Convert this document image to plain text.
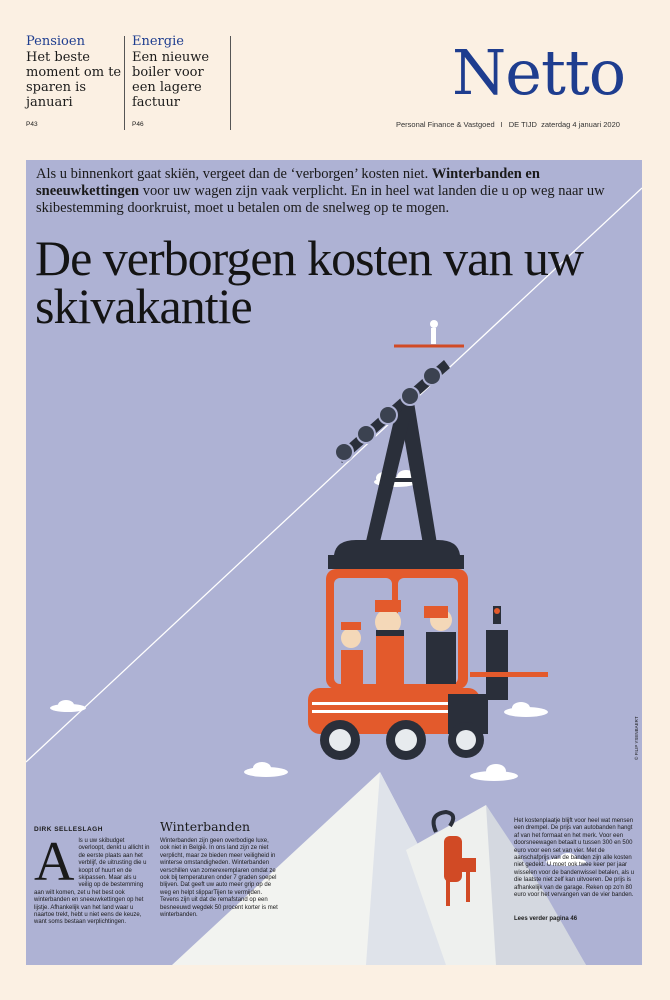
Pensioen
Het beste moment om te sparen is januari
P43
Energie
Een nieuwe boiler voor een lagere factuur
P46
Netto
Personal Finance & Vastgoed I DE TIJD zaterdag 4 januari 2020
Als u binnenkort gaat skiën, vergeet dan de ‘verborgen’ kosten niet. Winterbanden en sneeuwkettingen voor uw wagen zijn vaak verplicht. En in heel wat landen die u op weg naar uw skibestemming doorkruist, moet u betalen om de snelweg op te mogen.
De verborgen kosten van uw skivakantie
© FILIP YSENBAERT
DIRK SELLESLAGH
Als u uw skibudget overloopt, denkt u allicht in de eerste plaats aan het verblijf, de uitrusting die u koopt of huurt en de skipassen. Maar als u veilig op de bestemming aan wilt komen, zet u het best ook winterbanden en sneeuwkettingen op het lijstje. Afhankelijk van het land waar u naartoe trekt, hebt u niet eens de keuze, want soms bestaan verplichtingen.
Winterbanden
Winterbanden zijn geen overbodige luxe, ook niet in België. In ons land zijn ze niet verplicht, maar ze bieden meer veiligheid in winterse omstandigheden. Winterbanden verschillen van zomerexemplaren omdat ze ook bij temperaturen onder 7 graden soepel blijven. Dat geeft uw auto meer grip op de weg en helpt slipparTijen te vermijden. Tevens zijn uit dat de remafstand op een besneeuwd wegdek 50 procent korter is met winterbanden.
Het kostenplaatje blijft voor heel wat mensen een drempel. De prijs van autobanden hangt af van het formaat en het merk. Voor een doorsneewagen betaalt u tussen 300 en 500 euro voor een set van vier. Met de aanschafprijs van de banden zijn alle kosten niet gedekt. U moet ook twee keer per jaar wisselen voor de bandenwissel betalen, als u die laatste niet zelf kan uitvoeren. De prijs is afhankelijk van de garage. Reken op zo'n 80 euro voor het vervangen van de vier banden.
Lees verder pagina 46
